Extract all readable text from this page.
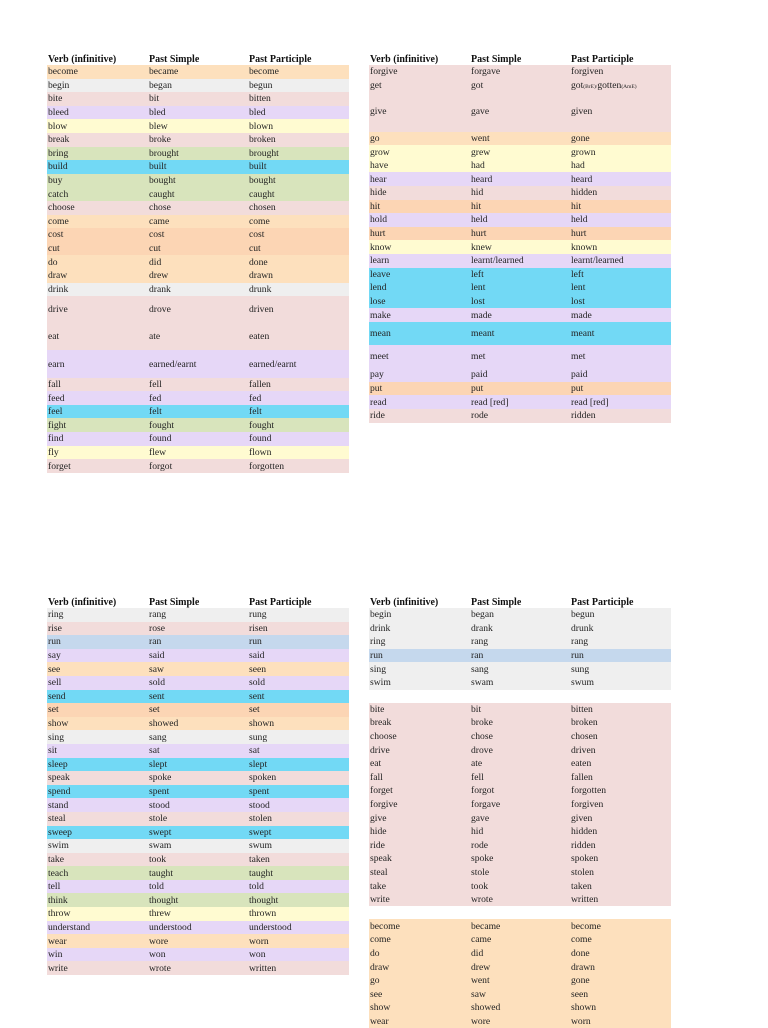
Verb (infinitive)	Past Simple	Past Participle
become	became	become
begin	began	begun
bite	bit	bitten
bleed	bled	bled
blow	blew	blown
break	broke	broken
bring	brought	brought
build	built	built
buy	bought	bought
catch	caught	caught
choose	chose	chosen
come	came	come
cost	cost	cost
cut	cut	cut
do	did	done
draw	drew	drawn
drink	drank	drunk
drive	drove	driven
eat	ate	eaten
earn	earned/earnt	earned/earnt
fall	fell	fallen
feed	fed	fed
feel	felt	felt
fight	fought	fought
find	found	found
fly	flew	flown
forget	forgot	forgotten
Verb (infinitive)	Past Simple	Past Participle
forgive	forgave	forgiven
get	got	got(BrE)/gotten(AmE)
give	gave	given
go	went	gone
grow	grew	grown
have	had	had
hear	heard	heard
hide	hid	hidden
hit	hit	hit
hold	held	held
hurt	hurt	hurt
know	knew	known
learn	learnt/learned	learnt/learned
leave	left	left
lend	lent	lent
lose	lost	lost
make	made	made
mean	meant	meant
meet	met	met
pay	paid	paid
put	put	put
read	read [red]	read [red]
ride	rode	ridden
Verb (infinitive)	Past Simple	Past Participle
ring	rang	rung
rise	rose	risen
run	ran	run
say	said	said
see	saw	seen
sell	sold	sold
send	sent	sent
set	set	set
show	showed	shown
sing	sang	sung
sit	sat	sat
sleep	slept	slept
speak	spoke	spoken
spend	spent	spent
stand	stood	stood
steal	stole	stolen
sweep	swept	swept
swim	swam	swum
take	took	taken
teach	taught	taught
tell	told	told
think	thought	thought
throw	threw	thrown
understand	understood	understood
wear	wore	worn
win	won	won
write	wrote	written
Verb (infinitive)	Past Simple	Past Participle
begin	began	begun
drink	drank	drunk
ring	rang	rang
run	ran	run
sing	sang	sung
swim	swam	swum
bite	bit	bitten
break	broke	broken
choose	chose	chosen
drive	drove	driven
eat	ate	eaten
fall	fell	fallen
forget	forgot	forgotten
forgive	forgave	forgiven
give	gave	given
hide	hid	hidden
ride	rode	ridden
speak	spoke	spoken
steal	stole	stolen
take	took	taken
write	wrote	written
become	became	become
come	came	come
do	did	done
draw	drew	drawn
go	went	gone
see	saw	seen
show	showed	shown
wear	wore	worn
